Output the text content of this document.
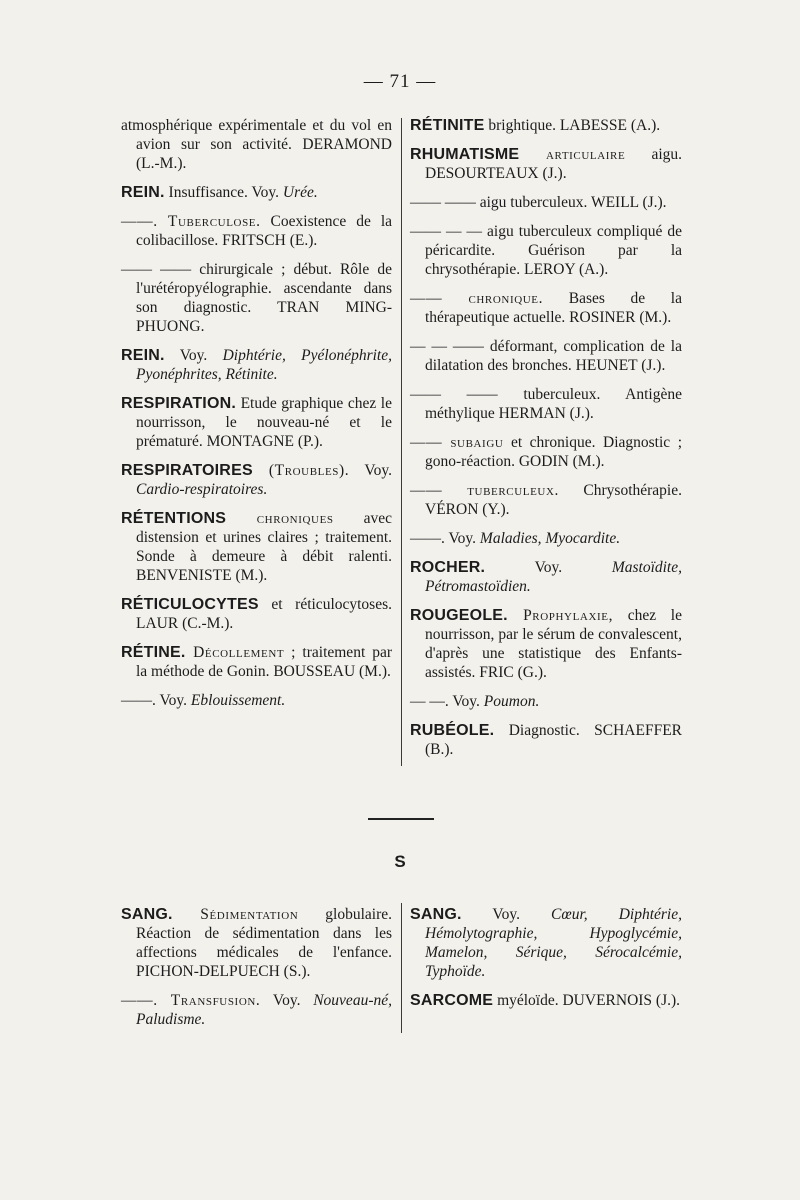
— 71 —

atmosphérique expérimentale et du vol en avion sur son activité. DERAMOND (L.-M.).

REIN. Insuffisance. Voy. Urée.

——. Tuberculose. Coexistence de la colibacillose. FRITSCH (E.).

—— —— chirurgicale ; début. Rôle de l'urétéropyélographie. ascendante dans son diagnostic. TRAN MING-PHUONG.

REIN. Voy. Diphtérie, Pyélonéphrite, Pyonéphrites, Rétinite.

RESPIRATION. Etude graphique chez le nourrisson, le nouveau-né et le prématuré. MONTAGNE (P.).

RESPIRATOIRES (Troubles). Voy. Cardio-respiratoires.

RÉTENTIONS chroniques avec distension et urines claires ; traitement. Sonde à demeure à débit ralenti. BENVENISTE (M.).

RÉTICULOCYTES et réticulocytoses. LAUR (C.-M.).

RÉTINE. Décollement ; traitement par la méthode de Gonin. BOUSSEAU (M.).

——. Voy. Eblouissement.

RÉTINITE brightique. LABESSE (A.).

RHUMATISME articulaire aigu. DESOURTEAUX (J.).

—— —— aigu tuberculeux. WEILL (J.).

—— — — aigu tuberculeux compliqué de péricardite. Guérison par la chrysothérapie. LEROY (A.).

—— chronique. Bases de la thérapeutique actuelle. ROSINER (M.).

— — —— déformant, complication de la dilatation des bronches. HEUNET (J.).

—— —— tuberculeux. Antigène méthylique HERMAN (J.).

—— subaigu et chronique. Diagnostic ; gono-réaction. GODIN (M.).

—— tuberculeux. Chrysothérapie. VÉRON (Y.).

——. Voy. Maladies, Myocardite.

ROCHER. Voy. Mastoïdite, Pétromastoïdien.

ROUGEOLE. Prophylaxie, chez le nourrisson, par le sérum de convalescent, d'après une statistique des Enfants-assistés. FRIC (G.).

— —. Voy. Poumon.

RUBÉOLE. Diagnostic. SCHAEFFER (B.).

S

SANG. Sédimentation globulaire. Réaction de sédimentation dans les affections médicales de l'enfance. PICHON-DELPUECH (S.).

——. Transfusion. Voy. Nouveau-né, Paludisme.

SANG. Voy. Cœur, Diphtérie, Hémolytographie, Hypoglycémie, Mamelon, Sérique, Sérocalcémie, Typhoïde.

SARCOME myéloïde. DUVERNOIS (J.).
